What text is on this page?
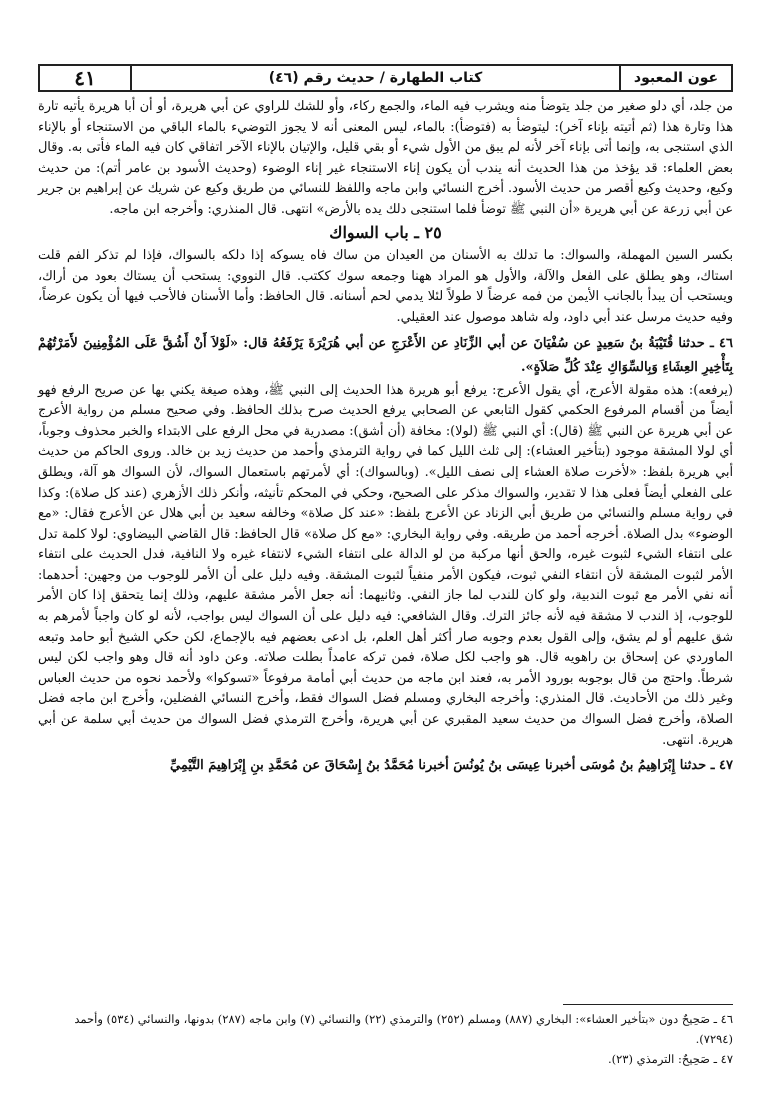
عون المعبود
كتاب الطهارة / حديث رقم (٤٦)
٤١

من جلد، أي دلو صغير من جلد يتوضأ منه ويشرب فيه الماء، والجمع ركاء، وأو للشك للراوي عن أبي هريرة، أو أن أبا هريرة يأتيه تارة هذا وتارة هذا (ثم أتيته بإناء آخر): ليتوضأ به (فتوضأ): بالماء، ليس المعنى أنه لا يجوز التوضيء بالماء الباقي من الاستنجاء أو بالإناء الذي استنجى به، وإنما أتى بإناء آخر لأنه لم يبق من الأول شيء أو بقي قليل، والإتيان بالإناء الآخر اتفاقي كان فيه الماء فأتى به. وقال بعض العلماء: قد يؤخذ من هذا الحديث أنه يندب أن يكون إناء الاستنجاء غير إناء الوضوء (وحديث الأسود بن عامر أتم): من حديث وكيع، وحديث وكيع أقصر من حديث الأسود. أخرج النسائي وابن ماجه واللفظ للنسائي من طريق وكيع عن شريك عن إبراهيم بن جرير عن أبي زرعة عن أبي هريرة «أن النبي ﷺ توضأ فلما استنجى دلك يده بالأرض» انتهى. قال المنذري: وأخرجه ابن ماجه.

٢٥ ـ باب السواك

بكسر السين المهملة، والسواك: ما تدلك به الأسنان من العيدان من ساك فاه يسوكه إذا دلكه بالسواك، فإذا لم تذكر الفم قلت استاك، وهو يطلق على الفعل والآلة، والأول هو المراد ههنا وجمعه سوك ككتب. قال النووي: يستحب أن يستاك بعود من أراك، ويستحب أن يبدأ بالجانب الأيمن من فمه عرضاً لا طولاً لئلا يدمي لحم أسنانه. قال الحافظ: وأما الأسنان فالأحب فيها أن يكون عرضاً، وفيه حديث مرسل عند أبي داود، وله شاهد موصول عند العقيلي.

٤٦ ـ حدثنا قُتَيْبَةُ بنُ سَعِيدٍ عن سُفْيَانَ عن أبي الزِّنَادِ عن الأَعْرَجِ عن أبي هُرَيْرَةَ يَرْفَعُهُ قال: «لَوْلاَ أَنْ أَشُقَّ عَلَى المُؤْمِنِينَ لأَمَرْتُهُمْ بِتَأْخِيرِ العِشَاءِ وَبِالسِّوَاكِ عِنْدَ كُلِّ صَلاَةٍ».

(يرفعه): هذه مقولة الأعرج، أي يقول الأعرج: يرفع أبو هريرة هذا الحديث إلى النبي ﷺ، وهذه صيغة يكني بها عن صريح الرفع فهو أيضاً من أقسام المرفوع الحكمي كقول التابعي عن الصحابي يرفع الحديث صرح بذلك الحافظ. وفي صحيح مسلم من رواية الأعرج عن أبي هريرة عن النبي ﷺ (قال): أي النبي ﷺ (لولا): مخافة (أن أشق): مصدرية في محل الرفع على الابتداء والخبر محذوف وجوباً، أي لولا المشقة موجود (بتأخير العشاء): إلى ثلث الليل كما في رواية الترمذي وأحمد من حديث زيد بن خالد. وروى الحاكم من حديث أبي هريرة بلفظ: «لأخرت صلاة العشاء إلى نصف الليل». (وبالسواك): أي لأمرتهم باستعمال السواك، لأن السواك هو آلة، ويطلق على الفعلي أيضاً فعلى هذا لا تقدير، والسواك مذكر على الصحيح، وحكي في المحكم تأنيثه، وأنكر ذلك الأزهري (عند كل صلاة): وكذا في رواية مسلم والنسائي من طريق أبي الزناد عن الأعرج بلفظ: «عند كل صلاة» وخالفه سعيد بن أبي هلال عن الأعرج فقال: «مع الوضوء» بدل الصلاة. أخرجه أحمد من طريقه. وفي رواية البخاري: «مع كل صلاة» قال الحافظ: قال القاضي البيضاوي: لولا كلمة تدل على انتفاء الشيء لثبوت غيره، والحق أنها مركبة من لو الدالة على انتفاء الشيء لانتفاء غيره ولا النافية، فدل الحديث على انتفاء الأمر لثبوت المشقة لأن انتفاء النفي ثبوت، فيكون الأمر منفياً لثبوت المشقة. وفيه دليل على أن الأمر للوجوب من وجهين: أحدهما: أنه نفي الأمر مع ثبوت الندبية، ولو كان للندب لما جاز النفي. وثانيهما: أنه جعل الأمر مشقة عليهم، وذلك إنما يتحقق إذا كان الأمر للوجوب، إذ الندب لا مشقة فيه لأنه جائز الترك. وقال الشافعي: فيه دليل على أن السواك ليس بواجب، لأنه لو كان واجباً لأمرهم به شق عليهم أو لم يشق، وإلى القول بعدم وجوبه صار أكثر أهل العلم، بل ادعى بعضهم فيه بالإجماع، لكن حكي الشيخ أبو حامد وتبعه الماوردي عن إسحاق بن راهويه قال. هو واجب لكل صلاة، فمن تركه عامداً بطلت صلاته. وعن داود أنه قال وهو واجب لكن ليس شرطاً. واحتج من قال بوجوبه بورود الأمر به، فعند ابن ماجه من حديث أبي أمامة مرفوعاً «تسوكوا» ولأحمد نحوه من حديث العباس وغير ذلك من الأحاديث. قال المنذري: وأخرجه البخاري ومسلم فضل السواك فقط، وأخرج النسائي الفضلين، وأخرج ابن ماجه فضل الصلاة، وأخرج فضل السواك من حديث سعيد المقبري عن أبي هريرة، وأخرج الترمذي فضل السواك من حديث أبي سلمة عن أبي هريرة. انتهى.

٤٧ ـ حدثنا إِبْرَاهِيمُ بنُ مُوسَى أخبرنا عِيسَى بنُ يُونُسَ أخبرنا مُحَمَّدُ بنُ إِسْحَاقَ عن مُحَمَّدِ بنِ إِبْرَاهِيمَ التَّيْمِيِّ

٤٦ ـ صَحِيحٌ دون «بتأخير العشاء»: البخاري (٨٨٧) ومسلم (٢٥٢) والترمذي (٢٢) والنسائي (٧) وابن ماجه (٢٨٧) بدونها، والنسائي (٥٣٤) وأحمد (٧٢٩٤).

٤٧ ـ صَحِيحٌ: الترمذي (٢٣).
